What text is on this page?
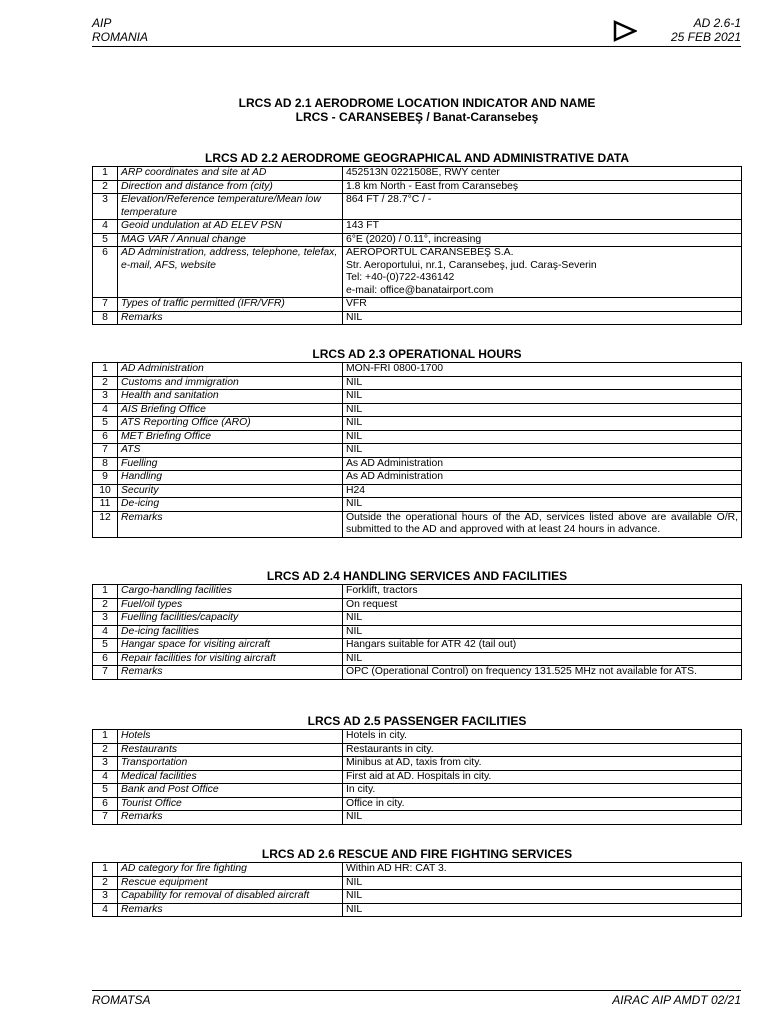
AIP
ROMANIA
AD 2.6-1
25 FEB 2021
LRCS AD 2.1 AERODROME LOCATION INDICATOR AND NAME
LRCS - CARANSEBEŞ / Banat-Caransebeş
LRCS AD 2.2 AERODROME GEOGRAPHICAL AND ADMINISTRATIVE DATA
1	ARP coordinates and site at AD	452513N 0221508E, RWY center

2	Direction and distance from (city)	1.8 km North - East from Caransebeş

3	Elevation/Reference temperature/Mean low temperature	864 FT / 28.7°C / -

4	Geoid undulation at AD ELEV PSN	143 FT

5	MAG VAR / Annual change	6°E (2020) / 0.11°, increasing

6	AD Administration, address, telephone, telefax, e-mail, AFS, website	AEROPORTUL CARANSEBEŞ S.A.
Str. Aeroportului, nr.1, Caransebeş, jud. Caraş-Severin
Tel: +40-(0)722-436142
e-mail: office@banatairport.com

7	Types of traffic permitted (IFR/VFR)	VFR

8	Remarks	NIL
LRCS AD 2.3 OPERATIONAL HOURS
1	AD Administration	MON-FRI 0800-1700
2	Customs and immigration	NIL
3	Health and sanitation	NIL
4	AIS Briefing Office	NIL
5	ATS Reporting Office (ARO)	NIL
6	MET Briefing Office	NIL
7	ATS	NIL
8	Fuelling	As AD Administration
9	Handling	As AD Administration
10	Security	H24
11	De-icing	NIL
12	Remarks	Outside the operational hours of the AD, services listed above are available O/R, submitted to the AD and approved with at least 24 hours in advance.
LRCS AD 2.4 HANDLING SERVICES AND FACILITIES
1	Cargo-handling facilities	Forklift, tractors
2	Fuel/oil types	On request
3	Fuelling facilities/capacity	NIL
4	De-icing facilities	NIL
5	Hangar space for visiting aircraft	Hangars suitable for ATR 42 (tail out)
6	Repair facilities for visiting aircraft	NIL
7	Remarks	OPC (Operational Control) on frequency 131.525 MHz not available for ATS.
LRCS AD 2.5 PASSENGER FACILITIES
1	Hotels	Hotels in city.
2	Restaurants	Restaurants in city.
3	Transportation	Minibus at AD, taxis from city.
4	Medical facilities	First aid at AD. Hospitals in city.
5	Bank and Post Office	In city.
6	Tourist Office	Office in city.
7	Remarks	NIL
LRCS AD 2.6 RESCUE AND FIRE FIGHTING SERVICES
1	AD category for fire fighting	Within AD HR: CAT 3.
2	Rescue equipment	NIL
3	Capability for removal of disabled aircraft	NIL
4	Remarks	NIL
ROMATSA	AIRAC AIP AMDT 02/21
